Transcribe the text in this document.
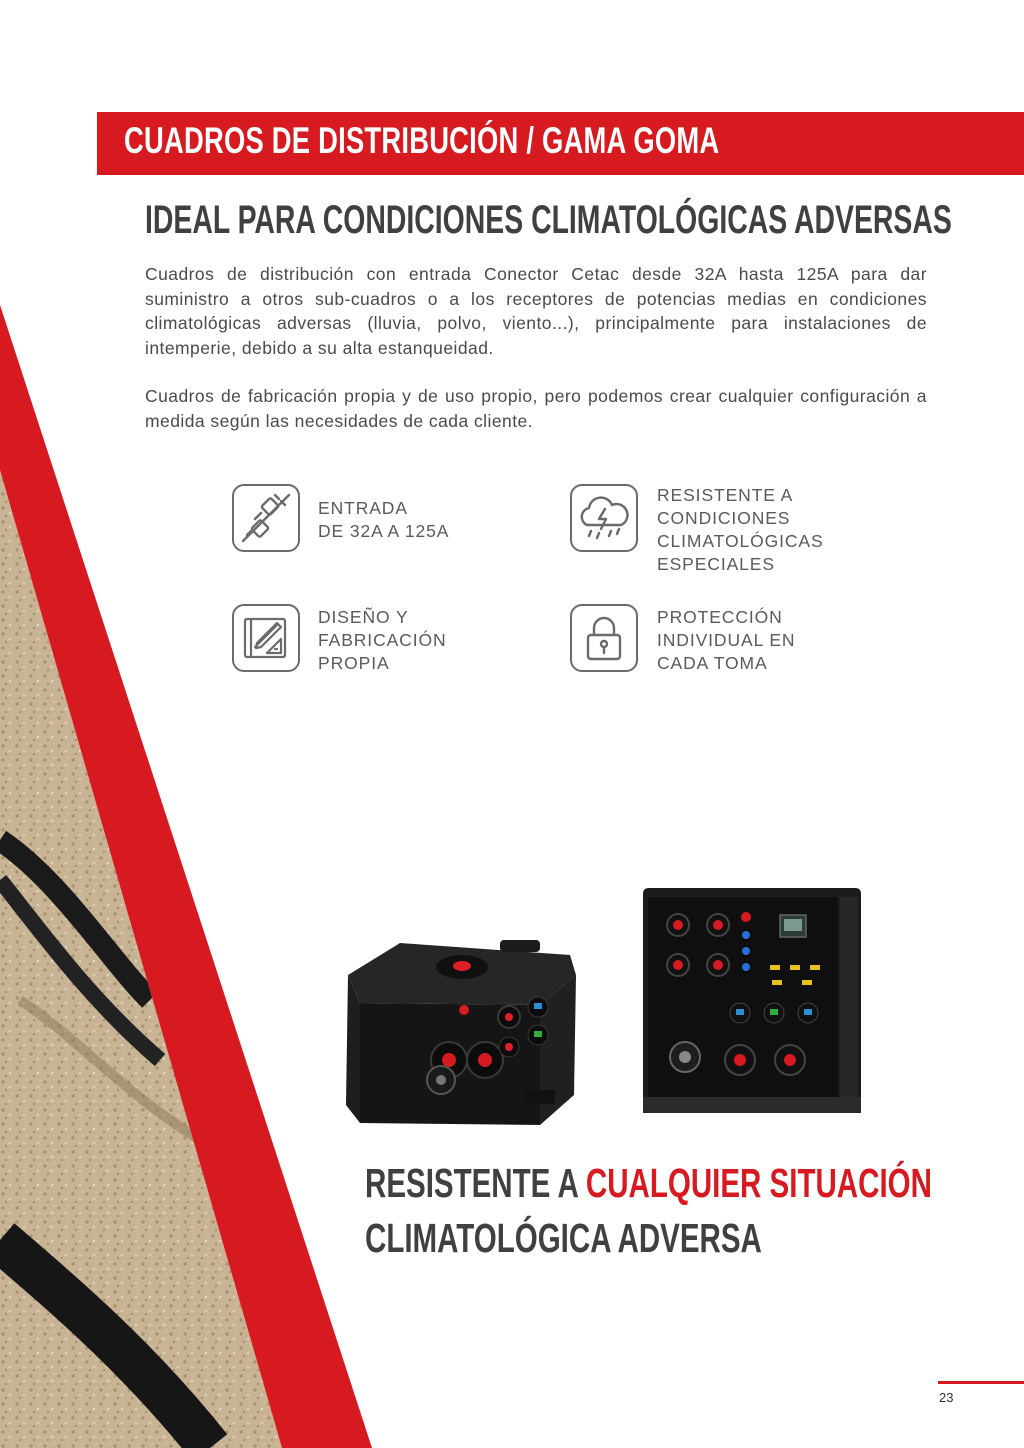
CUADROS DE DISTRIBUCIÓN / GAMA GOMA
IDEAL PARA CONDICIONES CLIMATOLÓGICAS ADVERSAS

Cuadros de distribución con entrada Conector Cetac desde 32A hasta 125A para dar suministro a otros sub-cuadros o a los receptores de potencias medias en condiciones climatológicas adversas (lluvia, polvo, viento...), principalmente para instalaciones de intemperie, debido a su alta estanqueidad.

Cuadros de fabricación propia y de uso propio, pero podemos crear cualquier configuración a medida según las necesidades de cada cliente.

ENTRADA
DE 32A A 125A
RESISTENTE A
CONDICIONES
CLIMATOLÓGICAS
ESPECIALES
DISEÑO Y
FABRICACIÓN
PROPIA
PROTECCIÓN
INDIVIDUAL EN
CADA TOMA
RESISTENTE A CUALQUIER SITUACIÓN
CLIMATOLÓGICA ADVERSA
23
